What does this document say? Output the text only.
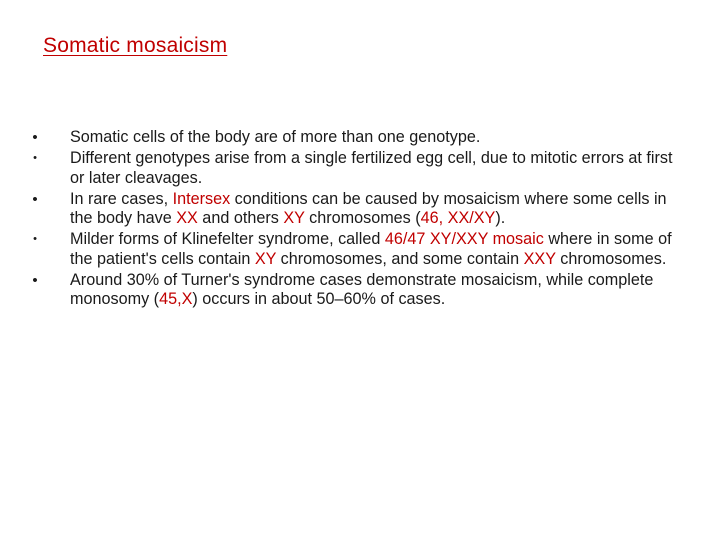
Somatic mosaicism
• Somatic cells of the body are of more than one genotype.
•	Different genotypes arise from a single fertilized egg cell, due to mitotic errors at first or later cleavages.
• In rare cases, Intersex conditions can be caused by mosaicism where some cells in the body have XX and others XY chromosomes (46, XX/XY).
•	Milder forms of Klinefelter syndrome, called 46/47 XY/XXY mosaic where in some of the patient's cells contain XY chromosomes, and some contain XXY chromosomes.
• Around 30% of Turner's syndrome cases demonstrate mosaicism, while complete monosomy (45,X) occurs in about 50–60% of cases.
